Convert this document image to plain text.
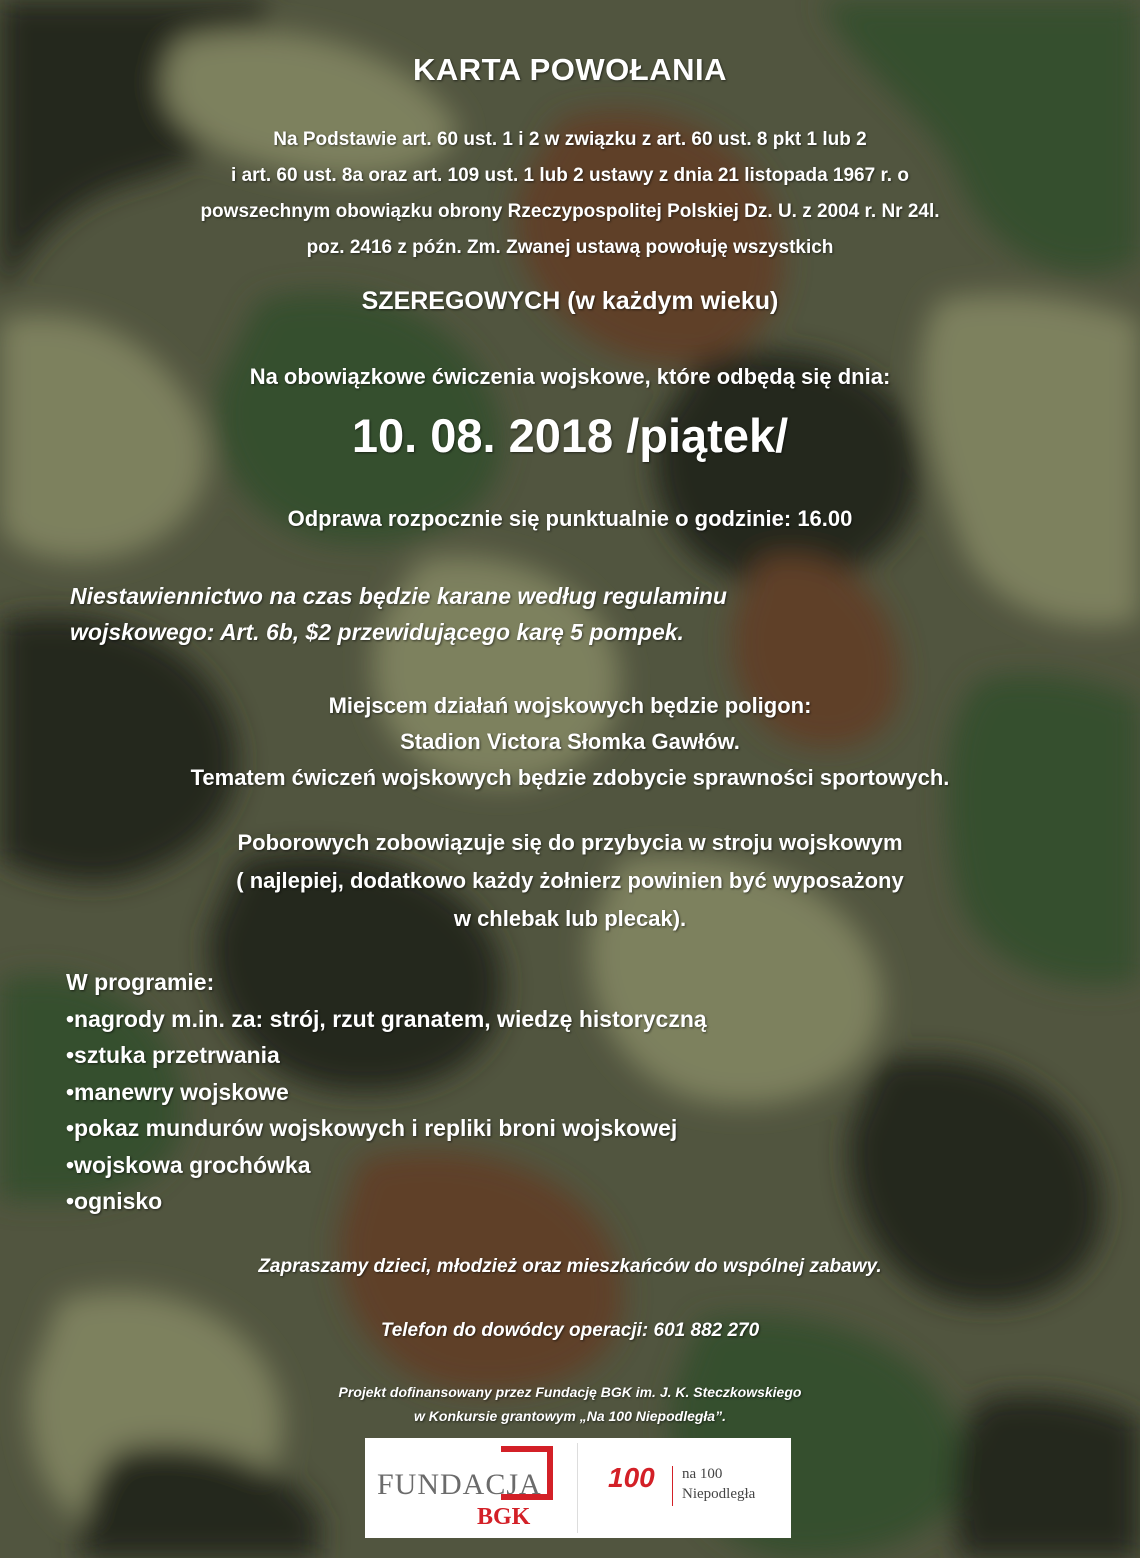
KARTA POWOŁANIA
Na Podstawie art. 60 ust. 1 i 2 w związku z art. 60 ust. 8 pkt 1 lub 2
i art. 60 ust. 8a oraz art. 109 ust. 1 lub 2 ustawy z dnia 21 listopada 1967 r. o
powszechnym obowiązku obrony Rzeczypospolitej Polskiej Dz. U. z 2004 r. Nr 24l.
poz. 2416 z późn. Zm. Zwanej ustawą powołuję wszystkich
SZEREGOWYCH (w każdym wieku)
Na obowiązkowe ćwiczenia wojskowe, które odbędą się dnia:
10. 08. 2018 /piątek/
Odprawa rozpocznie się punktualnie o godzinie: 16.00
Niestawiennictwo na czas będzie karane według regulaminu
wojskowego: Art. 6b, $2 przewidującego karę 5 pompek.
Miejscem działań wojskowych będzie poligon:
Stadion Victora Słomka Gawłów.
Tematem ćwiczeń wojskowych będzie zdobycie sprawności sportowych.
Poborowych zobowiązuje się do przybycia w stroju wojskowym
( najlepiej, dodatkowo każdy żołnierz powinien być wyposażony
w chlebak lub plecak).
W programie:
•nagrody m.in. za: strój, rzut granatem, wiedzę historyczną
•sztuka przetrwania
•manewry wojskowe
•pokaz mundurów wojskowych i repliki broni wojskowej
•wojskowa grochówka
•ognisko
Zapraszamy dzieci, młodzież oraz mieszkańców do wspólnej zabawy.
Telefon do dowódcy operacji: 601 882 270
Projekt dofinansowany przez Fundację BGK im. J. K. Steczkowskiego
w Konkursie grantowym „Na 100 Niepodległa”.
FUNDACJA
BGK
100 na 100
Niepodległa
